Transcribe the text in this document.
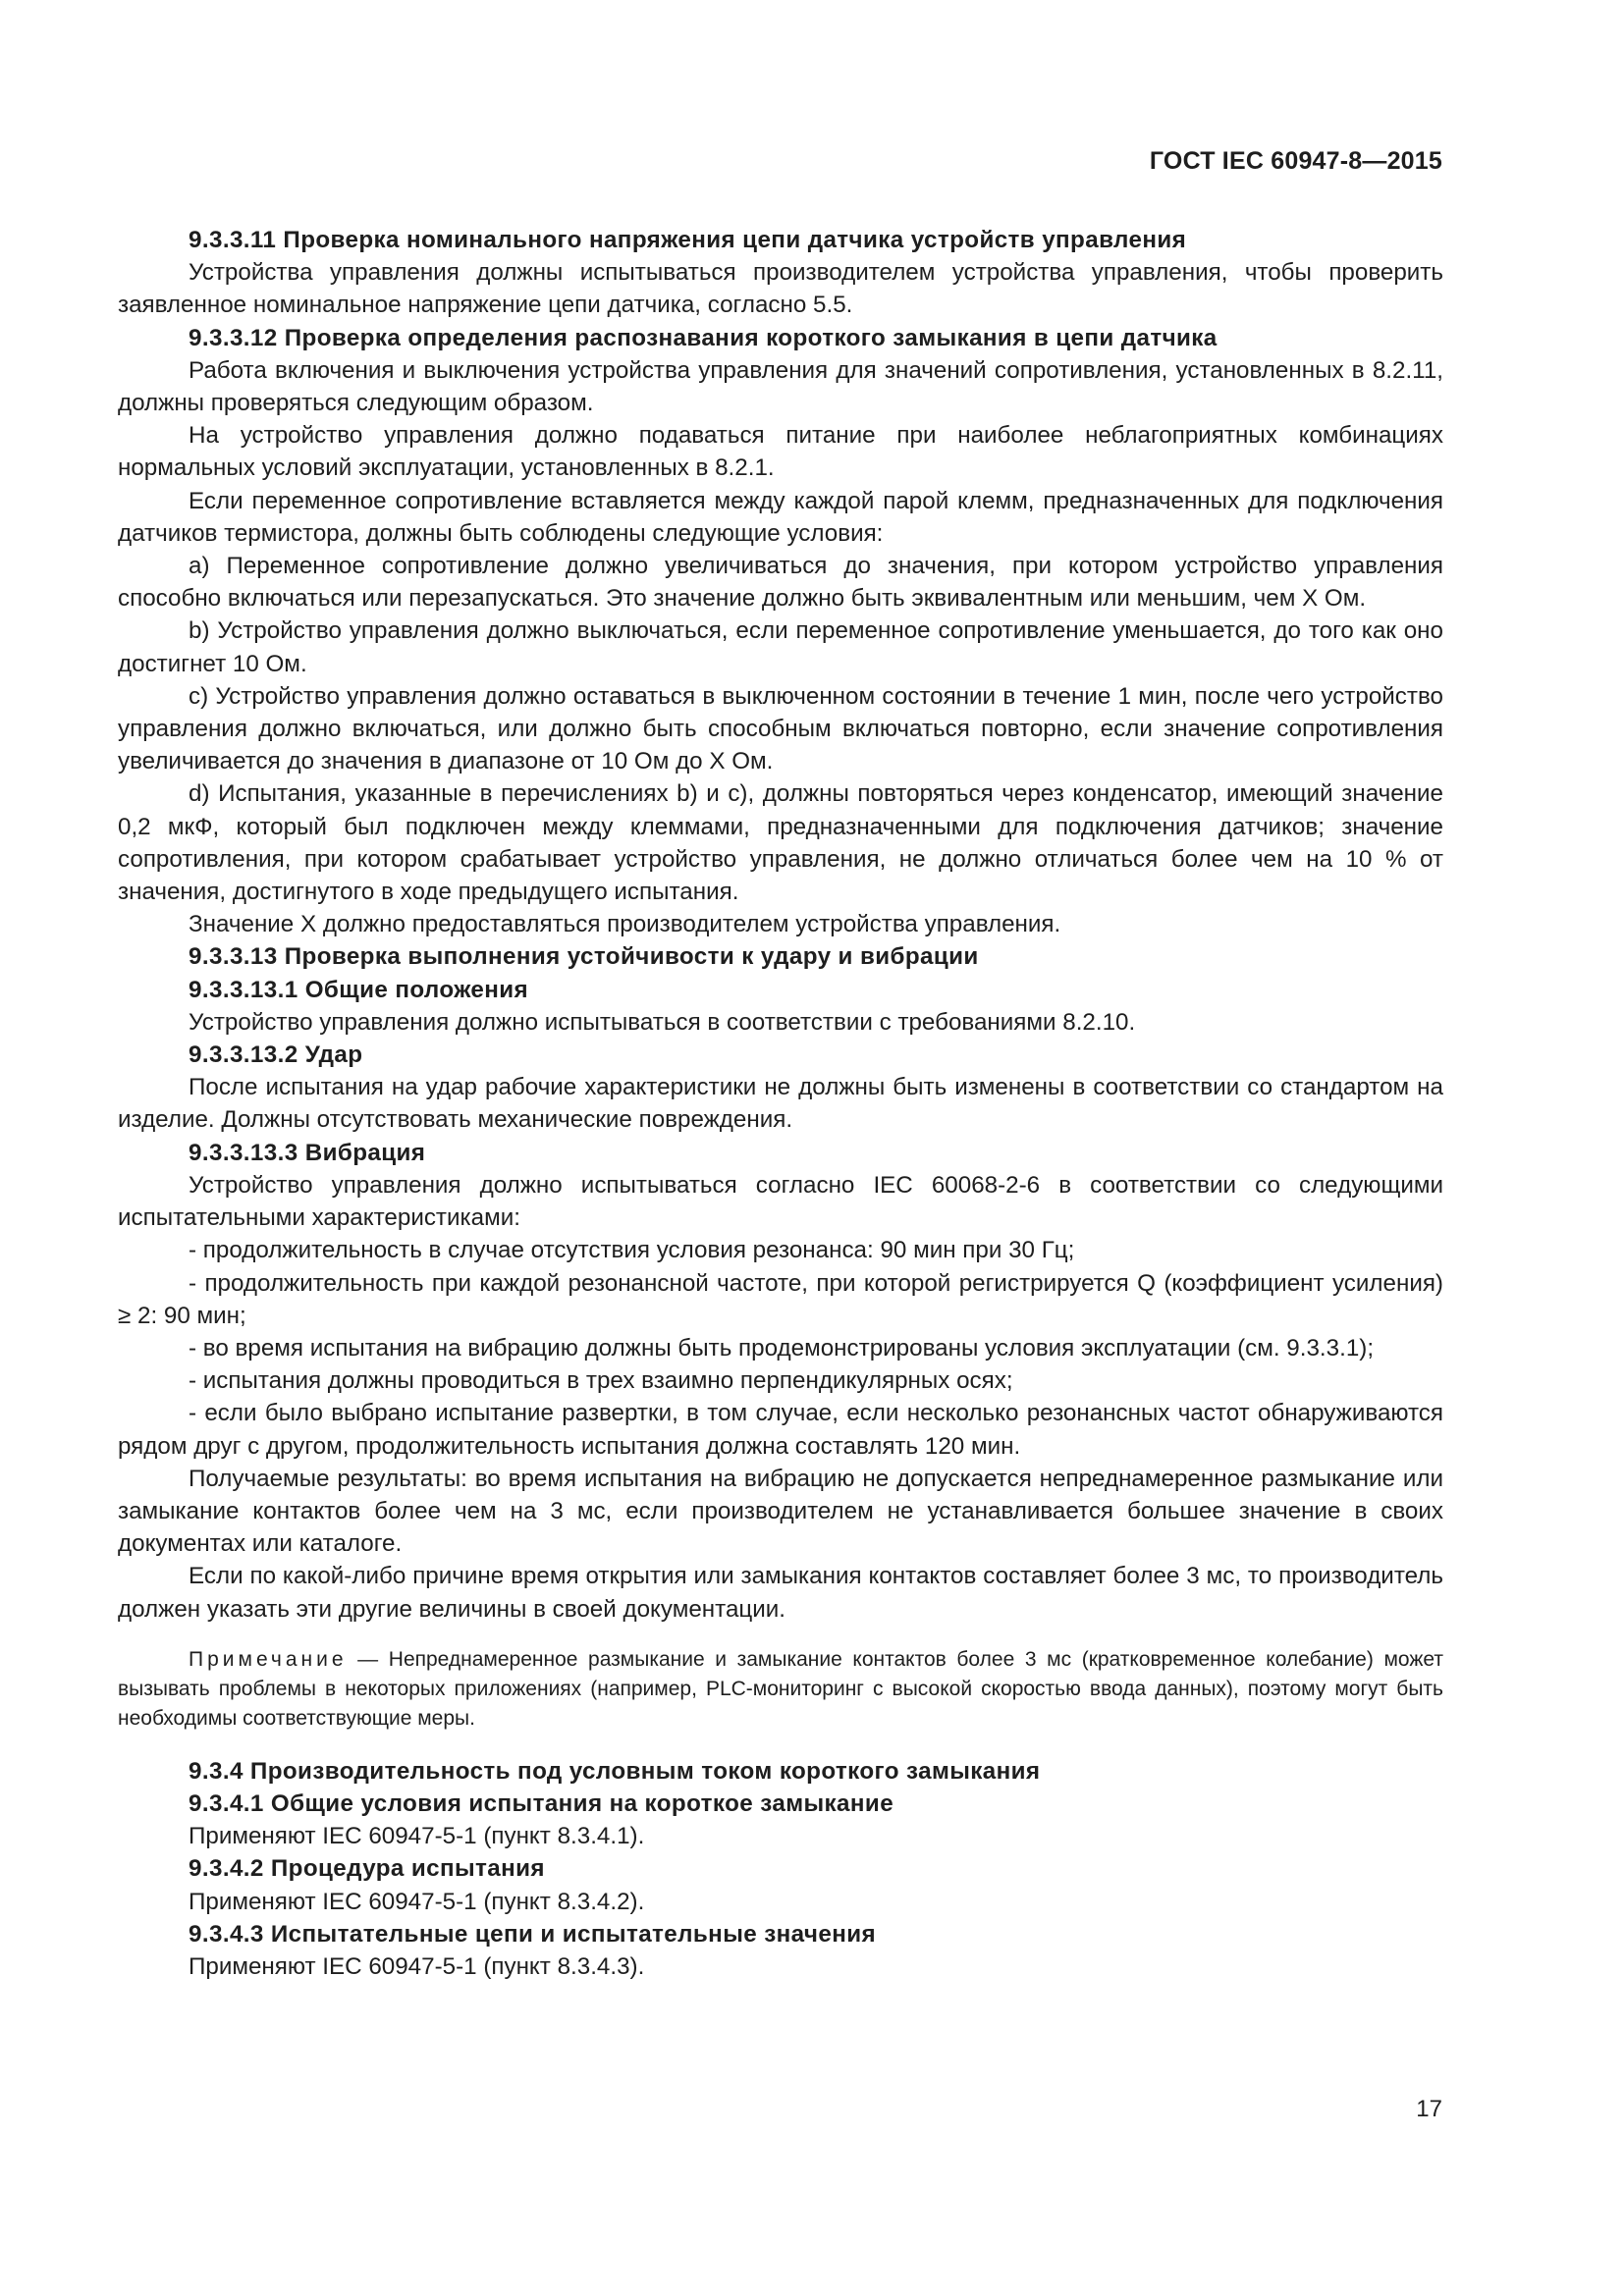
ГОСТ IEC 60947-8—2015

9.3.3.11 Проверка номинального напряжения цепи датчика устройств управления

Устройства управления должны испытываться производителем устройства управления, чтобы проверить заявленное номинальное напряжение цепи датчика, согласно 5.5.

9.3.3.12 Проверка определения распознавания короткого замыкания в цепи датчика

Работа включения и выключения устройства управления для значений сопротивления, установленных в 8.2.11, должны проверяться следующим образом.

На устройство управления должно подаваться питание при наиболее неблагоприятных комбинациях нормальных условий эксплуатации, установленных в 8.2.1.

Если переменное сопротивление вставляется между каждой парой клемм, предназначенных для подключения датчиков термистора, должны быть соблюдены следующие условия:

a) Переменное сопротивление должно увеличиваться до значения, при котором устройство управления способно включаться или перезапускаться. Это значение должно быть эквивалентным или меньшим, чем X Ом.

b) Устройство управления должно выключаться, если переменное сопротивление уменьшается, до того как оно достигнет 10 Ом.

c) Устройство управления должно оставаться в выключенном состоянии в течение 1 мин, после чего устройство управления должно включаться, или должно быть способным включаться повторно, если значение сопротивления увеличивается до значения в диапазоне от 10 Ом до X Ом.

d) Испытания, указанные в перечислениях b) и c), должны повторяться через конденсатор, имеющий значение 0,2 мкФ, который был подключен между клеммами, предназначенными для подключения датчиков; значение сопротивления, при котором срабатывает устройство управления, не должно отличаться более чем на 10 % от значения, достигнутого в ходе предыдущего испытания.

Значение X должно предоставляться производителем устройства управления.

9.3.3.13 Проверка выполнения устойчивости к удару и вибрации

9.3.3.13.1 Общие положения

Устройство управления должно испытываться в соответствии с требованиями 8.2.10.

9.3.3.13.2 Удар

После испытания на удар рабочие характеристики не должны быть изменены в соответствии со стандартом на изделие. Должны отсутствовать механические повреждения.

9.3.3.13.3 Вибрация

Устройство управления должно испытываться согласно IEC 60068-2-6 в соответствии со следующими испытательными характеристиками:

- продолжительность в случае отсутствия условия резонанса: 90 мин при 30 Гц;

- продолжительность при каждой резонансной частоте, при которой регистрируется Q (коэффициент усиления) ≥ 2: 90 мин;

- во время испытания на вибрацию должны быть продемонстрированы условия эксплуатации (см. 9.3.3.1);

- испытания должны проводиться в трех взаимно перпендикулярных осях;

- если было выбрано испытание развертки, в том случае, если несколько резонансных частот обнаруживаются рядом друг с другом, продолжительность испытания должна составлять 120 мин.

Получаемые результаты: во время испытания на вибрацию не допускается непреднамеренное размыкание или замыкание контактов более чем на 3 мс, если производителем не устанавливается большее значение в своих документах или каталоге.

Если по какой-либо причине время открытия или замыкания контактов составляет более 3 мс, то производитель должен указать эти другие величины в своей документации.

Примечание — Непреднамеренное размыкание и замыкание контактов более 3 мс (кратковременное колебание) может вызывать проблемы в некоторых приложениях (например, PLC-мониторинг с высокой скоростью ввода данных), поэтому могут быть необходимы соответствующие меры.

9.3.4 Производительность под условным током короткого замыкания

9.3.4.1 Общие условия испытания на короткое замыкание

Применяют IEC 60947-5-1 (пункт 8.3.4.1).

9.3.4.2 Процедура испытания

Применяют IEC 60947-5-1 (пункт 8.3.4.2).

9.3.4.3 Испытательные цепи и испытательные значения

Применяют IEC 60947-5-1 (пункт 8.3.4.3).

17
